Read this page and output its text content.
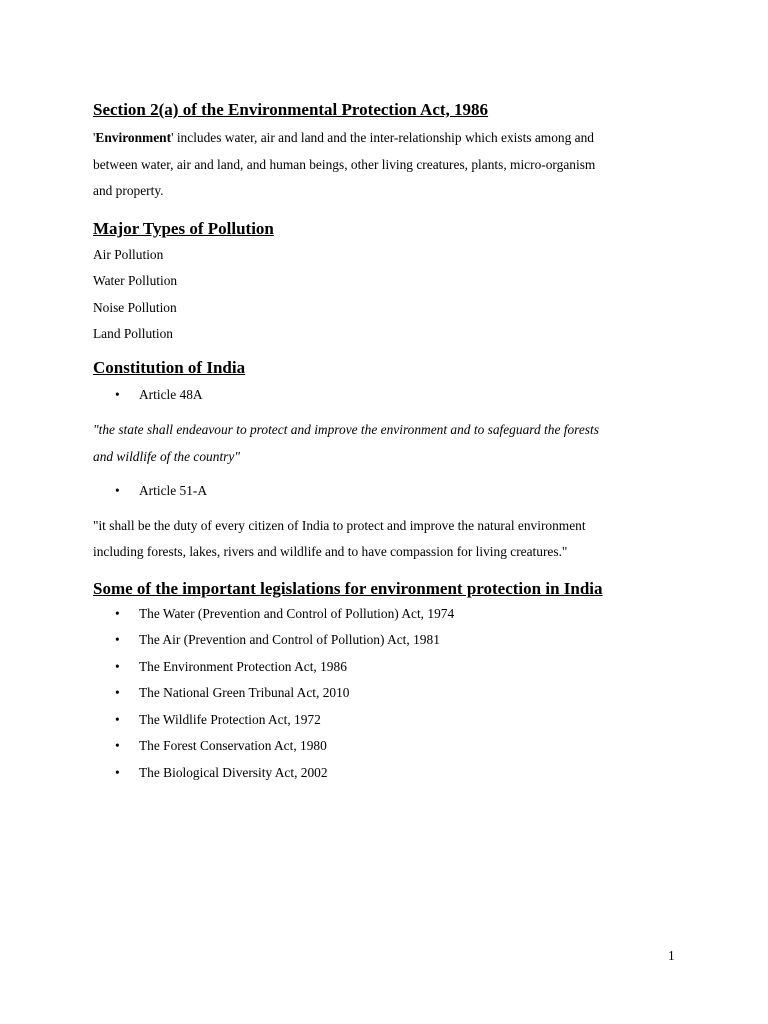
Section 2(a) of the Environmental Protection Act, 1986

'Environment' includes water, air and land and the inter-relationship which exists among and

between water, air and land, and human beings, other living creatures, plants, micro-organism

and property.

Major Types of Pollution

Air Pollution

Water Pollution

Noise Pollution

Land Pollution

Constitution of India
• Article 48A

"the state shall endeavour to protect and improve the environment and to safeguard the forests

and wildlife of the country"

• Article 51-A

"it shall be the duty of every citizen of India to protect and improve the natural environment

including forests, lakes, rivers and wildlife and to have compassion for living creatures."

Some of the important legislations for environment protection in India
• The Water (Prevention and Control of Pollution) Act, 1974
• The Air (Prevention and Control of Pollution) Act, 1981
• The Environment Protection Act, 1986
• The National Green Tribunal Act, 2010
• The Wildlife Protection Act, 1972
• The Forest Conservation Act, 1980
• The Biological Diversity Act, 2002
1
